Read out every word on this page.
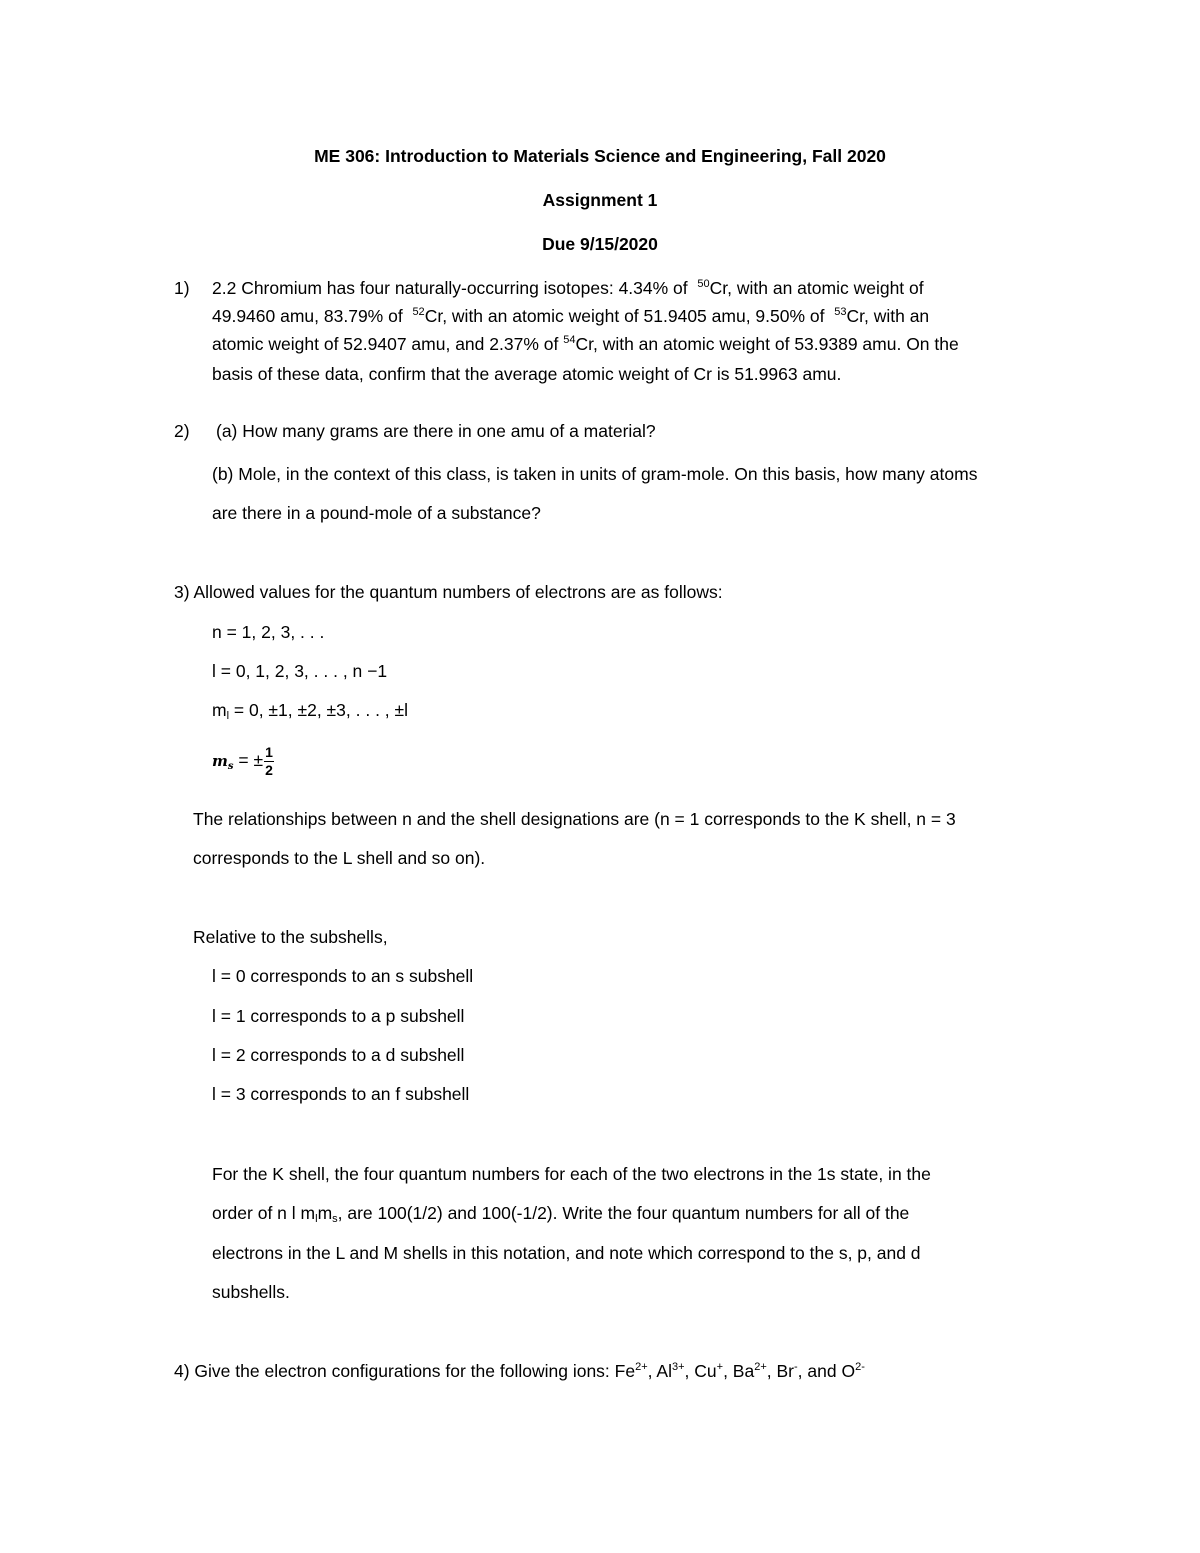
ME 306: Introduction to Materials Science and Engineering, Fall 2020
Assignment 1
Due 9/15/2020
1) 2.2 Chromium has four naturally-occurring isotopes: 4.34% of $^{50}$Cr, with an atomic weight of
49.9460 amu, 83.79% of $^{52}$Cr, with an atomic weight of 51.9405 amu, 9.50% of $^{53}$Cr, with an
atomic weight of 52.9407 amu, and 2.37% of $^{54}$Cr, with an atomic weight of 53.9389 amu. On the
basis of these data, confirm that the average atomic weight of Cr is 51.9963 amu.
2) (a) How many grams are there in one amu of a material?
(b) Mole, in the context of this class, is taken in units of gram-mole. On this basis, how many atoms
are there in a pound-mole of a substance?
3) Allowed values for the quantum numbers of electrons are as follows:
n = 1, 2, 3, . . .
l = 0, 1, 2, 3, . . . , n −1
$m_l = 0$, ±1, ±2, ±3, . . . , ±l
$m_s$ = ± $\frac{1}{2}$
The relationships between n and the shell designations are (n = 1 corresponds to the K shell, n = 3
corresponds to the L shell and so on).
Relative to the subshells,
l = 0 corresponds to an s subshell
l = 1 corresponds to a p subshell
l = 2 corresponds to a d subshell
l = 3 corresponds to an f subshell
For the K shell, the four quantum numbers for each of the two electrons in the 1s state, in the
order of n l $m_lm_s$, are 100(1/2) and 100(-1/2). Write the four quantum numbers for all of the
electrons in the L and M shells in this notation, and note which correspond to the s, p, and d
subshells.
4) Give the electron configurations for the following ions: $Fe^{2+}$, $Al^{3+}$, Cu+, $Ba^{2+}$, Br-, and $O^{2-}$
